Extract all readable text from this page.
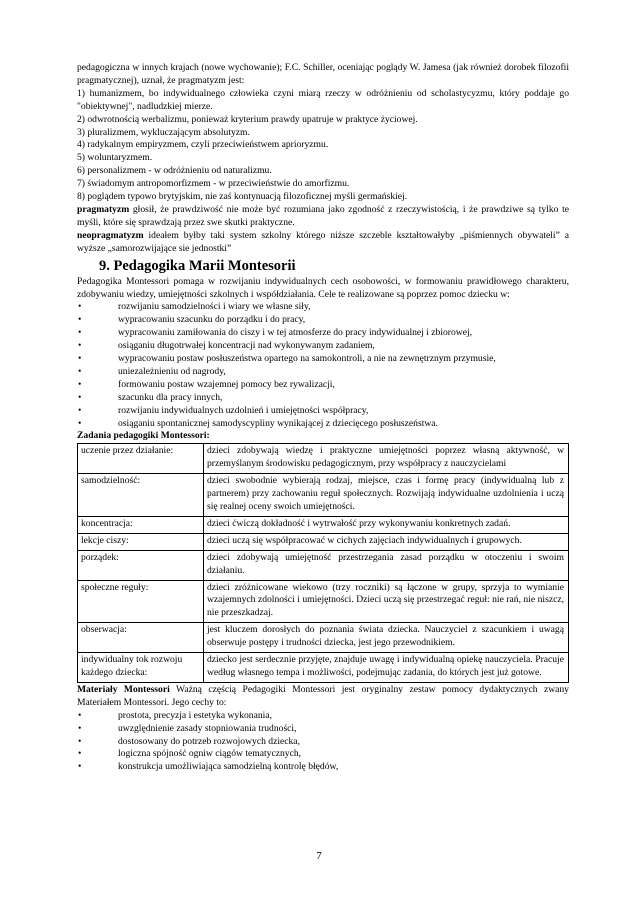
pedagogiczna w innych krajach (nowe wychowanie); F.C. Schiller, oceniając poglądy W. Jamesa (jak również dorobek filozofii pragmatycznej), uznał, że pragmatyzm jest:

1) humanizmem, bo indywidualnego człowieka czyni miarą rzeczy w odróżnieniu od scholastycyzmu, który poddaje go "obiektywnej", nadludzkiej mierze.

2) odwrotnością werbalizmu, ponieważ kryterium prawdy upatruje w praktyce życiowej.

3) pluralizmem, wykluczającym absolutyzm.

4) radykalnym empiryzmem, czyli przeciwieństwem aprioryzmu.

5) woluntaryzmem.

6) personalizmem - w odróżnieniu od naturalizmu.

7) świadomym antropomorfizmem - w przeciwieństwie do amorfizmu.

8) poglądem typowo brytyjskim, nie zaś kontynuacją filozoficznej myśli germańskiej.

pragmatyzm głosił, że prawdziwość nie może być rozumiana jako zgodność z rzeczywistością, i że prawdziwe są tylko te myśli, które się sprawdzają przez swe skutki praktyczne.

neopragmatyzm ideałem byłby taki system szkolny którego niższe szczeble kształtowałyby „piśmiennych obywateli” a wyższe „samorozwijające sie jednostki”

9. Pedagogika Marii Montesorii

Pedagogika Montessori pomaga w rozwijaniu indywidualnych cech osobowości, w formowaniu prawidłowego charakteru, zdobywaniu wiedzy, umiejętności szkolnych i współdziałania. Cele te realizowane są poprzez pomoc dziecku w:

• rozwijaniu samodzielności i wiary we własne siły,
• wypracowaniu szacunku do porządku i do pracy,
• wypracowaniu zamiłowania do ciszy i w tej atmosferze do pracy indywidualnej i zbiorowej,
• osiąganiu długotrwałej koncentracji nad wykonywanym zadaniem,
• wypracowaniu postaw posłuszeństwa opartego na samokontroli, a nie na zewnętrznym przymusie,
• uniezależnieniu od nagrody,
• formowaniu postaw wzajemnej pomocy bez rywalizacji,
• szacunku dla pracy innych,
• rozwijaniu indywidualnych uzdolnień i umiejętności współpracy,
• osiąganiu spontanicznej samodyscypliny wynikającej z dziecięcego posłuszeństwa.
Zadania pedagogiki Montessori:
uczenie przez działanie:	dzieci zdobywają wiedzę i praktyczne umiejętności poprzez własną aktywność, w przemyślanym środowisku pedagogicznym, przy współpracy z nauczycielami
samodzielność:	dzieci swobodnie wybierają rodzaj, miejsce, czas i formę pracy (indywidualną lub z partnerem) przy zachowaniu reguł społecznych. Rozwijają indywidualne uzdolnienia i uczą się realnej oceny swoich umiejętności.
koncentracja:	dzieci ćwiczą dokładność i wytrwałość przy wykonywaniu konkretnych zadań.
lekcje ciszy:	dzieci uczą się współpracować w cichych zajęciach indywidualnych i grupowych.
porządek:	dzieci zdobywają umiejętność przestrzegania zasad porządku w otoczeniu i swoim działaniu.
społeczne reguły:	dzieci zróżnicowane wiekowo (trzy roczniki) są łączone w grupy, sprzyja to wymianie wzajemnych zdolności i umiejętności. Dzieci uczą się przestrzegać reguł: nie rań, nie niszcz, nie przeszkadzaj.
obserwacja:	jest kluczem dorosłych do poznania świata dziecka. Nauczyciel z szacunkiem i uwagą obserwuje postępy i trudności dziecka, jest jego przewodnikiem.
indywidualny tok rozwoju każdego dziecka:	dziecko jest serdecznie przyjęte, znajduje uwagę i indywidualną opiekę nauczyciela. Pracuje według własnego tempa i możliwości, podejmując zadania, do których jest już gotowe.

Materiały Montessori Ważną częścią Pedagogiki Montessori jest oryginalny zestaw pomocy dydaktycznych zwany Materiałem Montessori. Jego cechy to:

• prostota, precyzja i estetyka wykonania,
• uwzględnienie zasady stopniowania trudności,
• dostosowany do potrzeb rozwojowych dziecka,
• logiczna spójność ogniw ciągów tematycznych,
• konstrukcja umożliwiająca samodzielną kontrolę błędów,
7
